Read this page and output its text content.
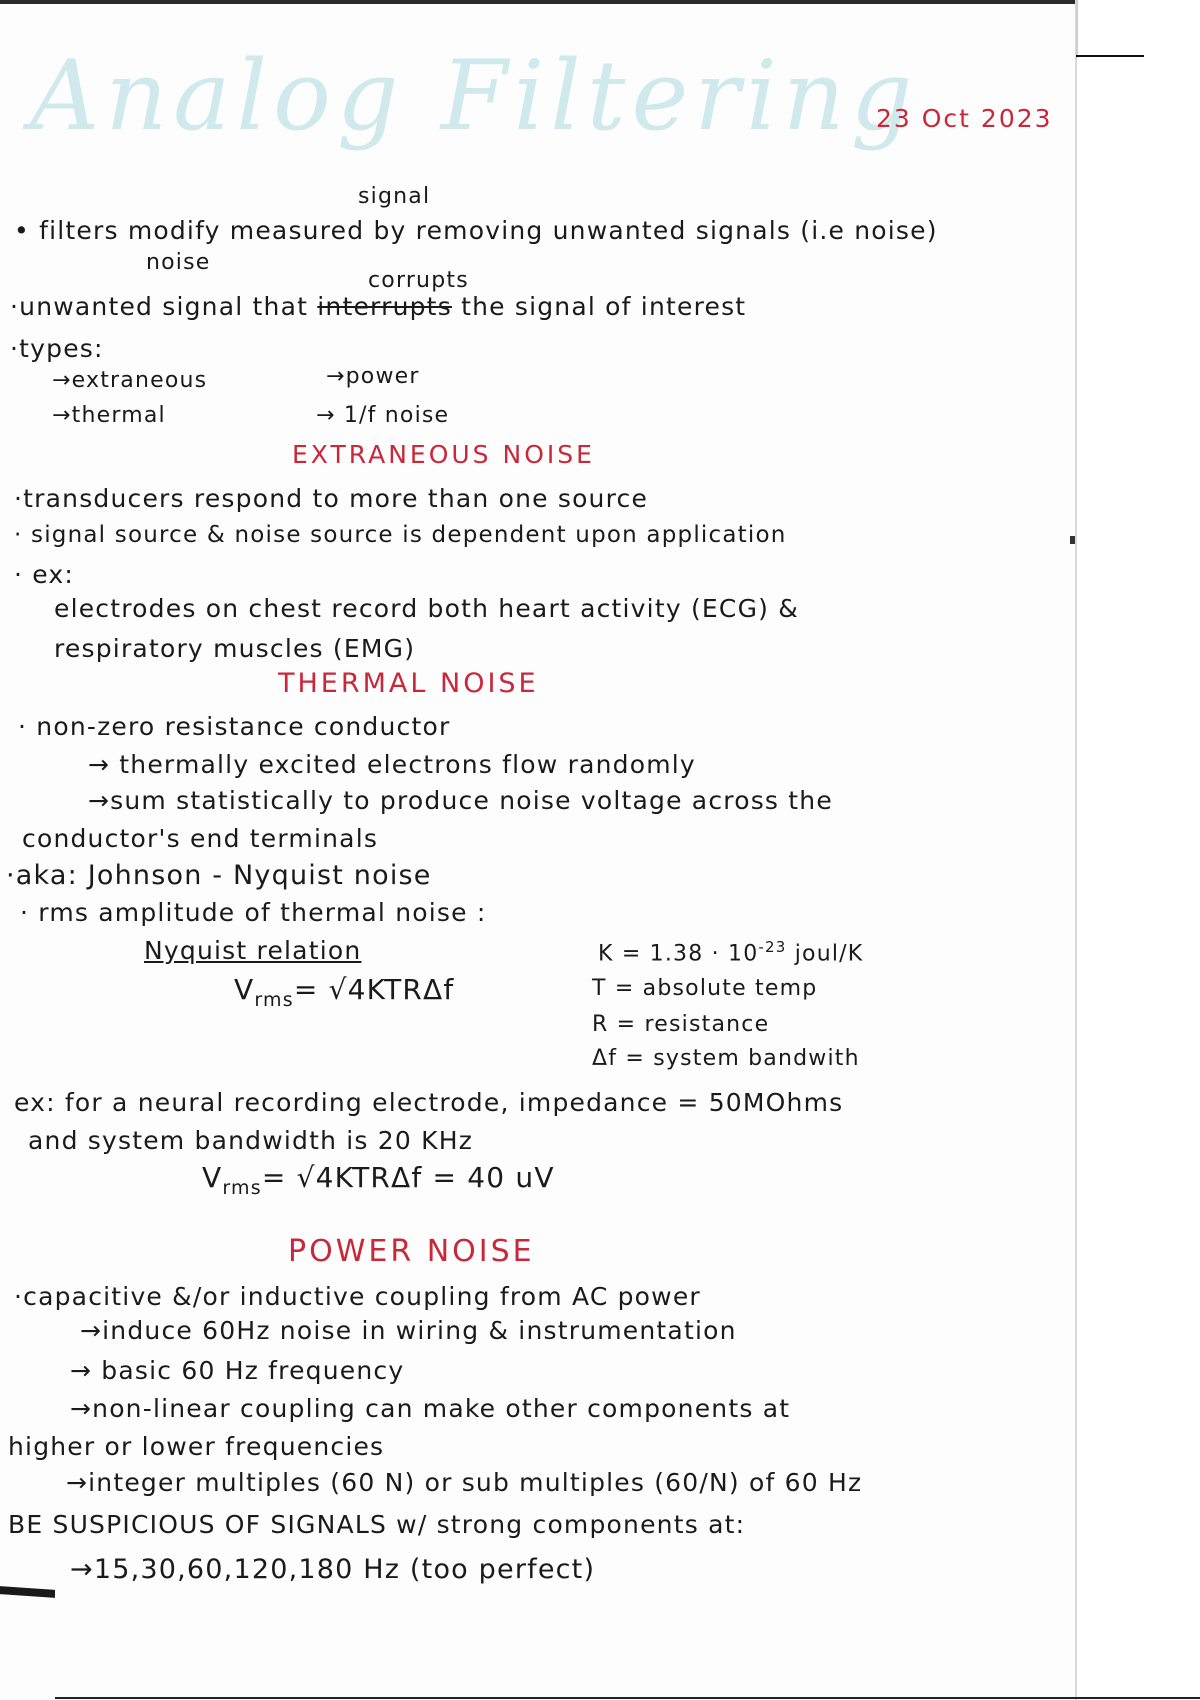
Analog Filtering
23 Oct 2023
signal
• filters modify measured by removing unwanted signals (i.e noise)
noise
corrupts
·unwanted signal that interrupts the signal of interest
·types:
→extraneous	→power
→thermal	→ 1/f noise
EXTRANEOUS NOISE
·transducers respond to more than one source
· signal source & noise source is dependent upon application
· ex:
electrodes on chest record both heart activity (ECG) &
respiratory muscles (EMG)
THERMAL NOISE
· non-zero resistance conductor
→ thermally excited electrons flow randomly
→sum statistically to produce noise voltage across the
conductor's end terminals
·aka: Johnson - Nyquist noise
· rms amplitude of thermal noise :
Nyquist relation
$V_{rms}= √4KTR\Delta f$
$K = 1.38 \cdot 10^{-23}$ joul/K
T = absolute temp
R = resistance
Δf = system bandwith
ex: for a neural recording electrode, impedance = 50MOhms
and system bandwidth is 20 KHz
$V_{rms}= √4KTR\Delta f = 40$ uV
POWER NOISE
·capacitive &/or inductive coupling from AC power
→induce 60Hz noise in wiring & instrumentation
→ basic 60 Hz frequency
→non-linear coupling can make other components at
higher or lower frequencies
→integer multiples (60 N) or sub multiples (60/N) of 60 Hz
BE SUSPICIOUS OF SIGNALS w/ strong components at:
→15,30,60,120,180 Hz (too perfect)
